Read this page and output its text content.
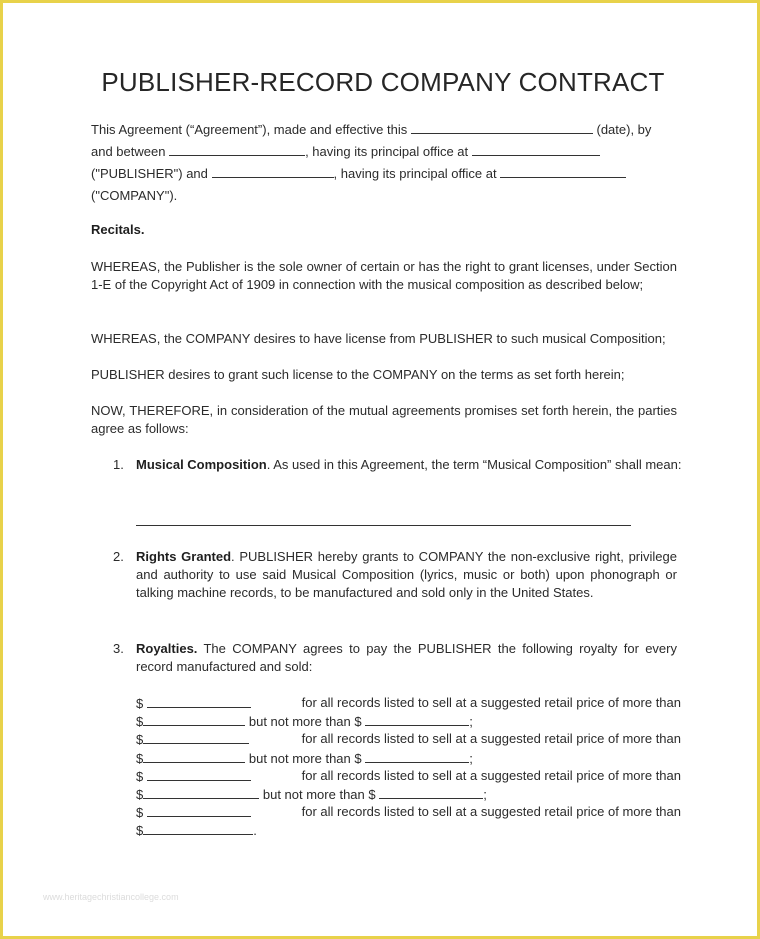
PUBLISHER-RECORD COMPANY CONTRACT
This Agreement (“Agreement”), made and effective this	(date), by
and between	, having its principal office at
("PUBLISHER") and	, having its principal office at
("COMPANY").
Recitals.

WHEREAS, the Publisher is the sole owner of certain or has the right to grant licenses, under Section 1-E of the Copyright Act of 1909 in connection with the musical composition as described below;

WHEREAS, the COMPANY desires to have license from PUBLISHER to such musical Composition;

PUBLISHER desires to grant such license to the COMPANY on the terms as set forth herein;

NOW, THEREFORE, in consideration of the mutual agreements promises set forth herein, the parties agree as follows:

1. Musical Composition. As used in this Agreement, the term “Musical Composition” shall mean:

2. Rights Granted. PUBLISHER hereby grants to COMPANY the non-exclusive right, privilege and authority to use said Musical Composition (lyrics, music or both) upon phonograph or talking machine records, to be manufactured and sold only in the United States.

3. Royalties. The COMPANY agrees to pay the PUBLISHER the following royalty for every record manufactured and sold:

$	for all records listed to sell at a suggested retail price of more than
$	but not more than $	;
$	for all records listed to sell at a suggested retail price of more than
$	but not more than $	;
$	for all records listed to sell at a suggested retail price of more than
$	but not more than $	;
$	for all records listed to sell at a suggested retail price of more than
$	.
www.heritagechristiancollege.com
